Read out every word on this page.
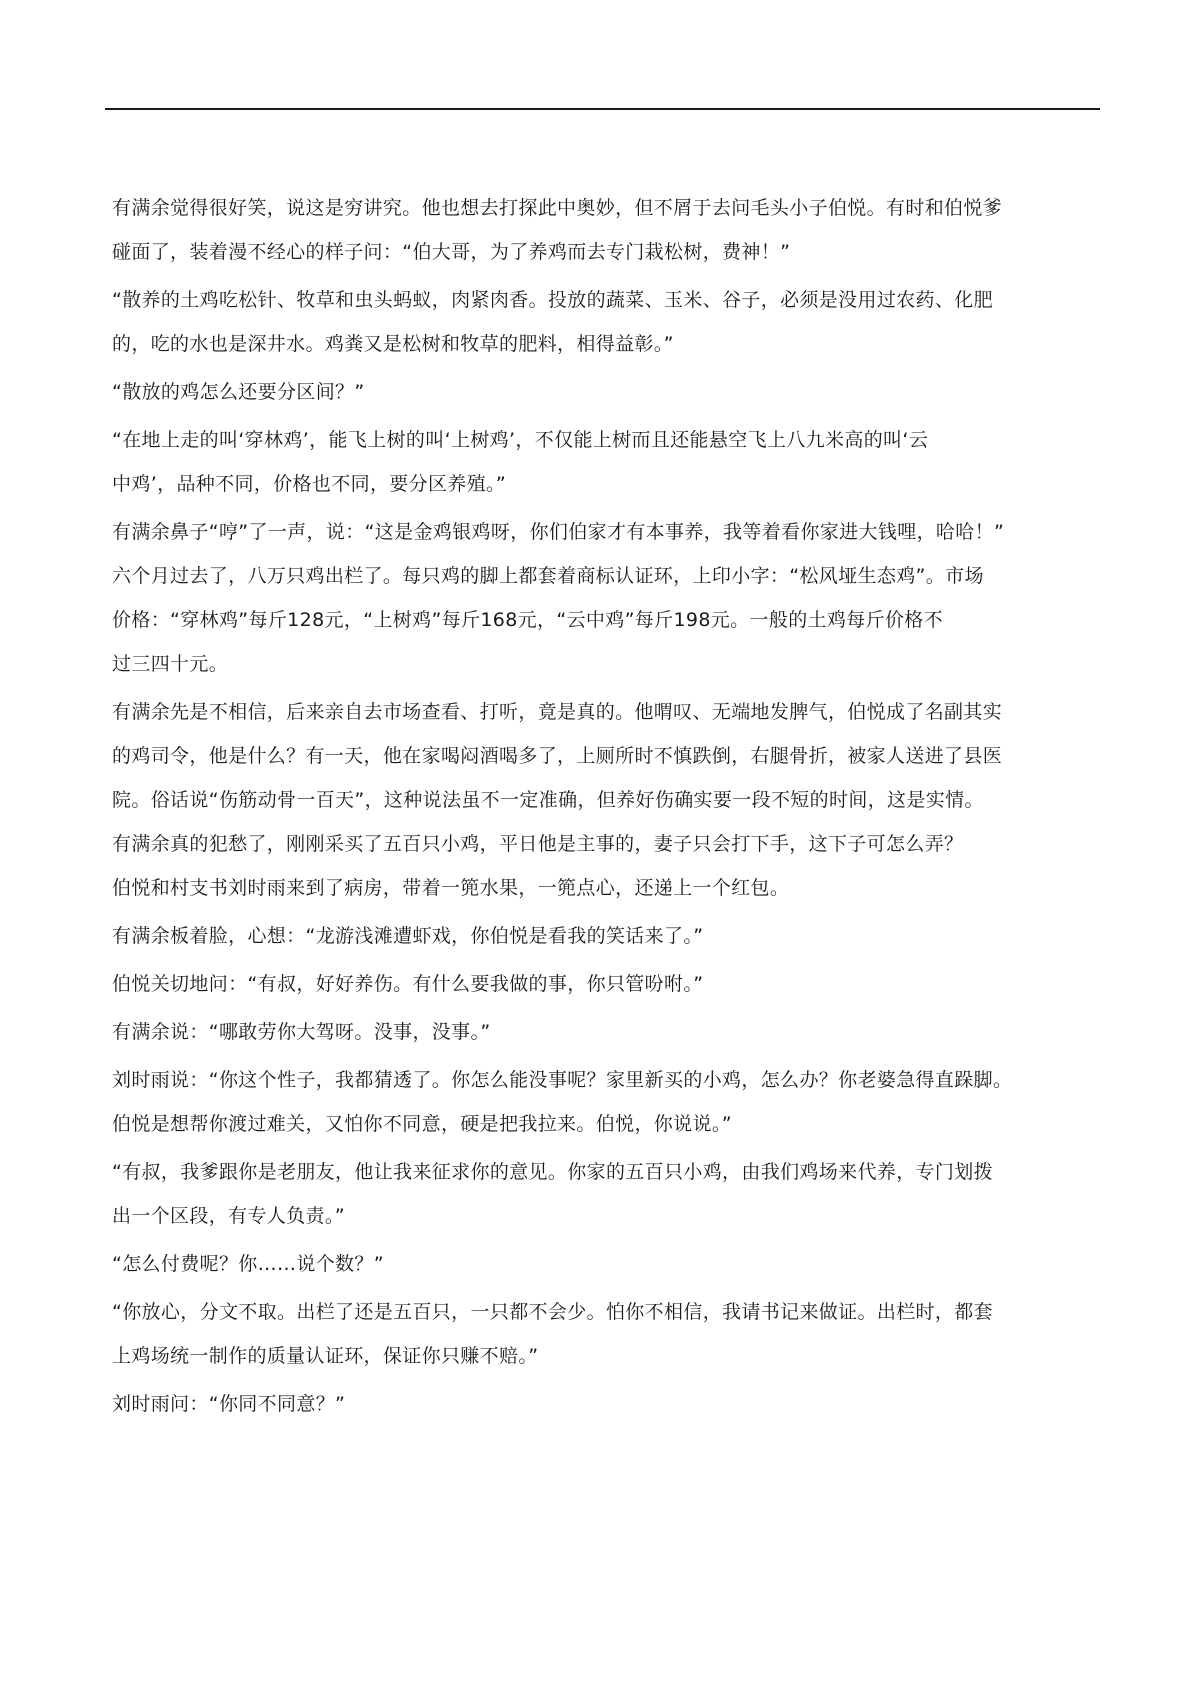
有满余觉得很好笑，说这是穷讲究。他也想去打探此中奥妙，但不屑于去问毛头小子伯悦。有时和伯悦爹
碰面了，装着漫不经心的样子问：“伯大哥，为了养鸡而去专门栽松树，费神！”
“散养的土鸡吃松针、牧草和虫头蚂蚁，肉紧肉香。投放的蔬菜、玉米、谷子，必须是没用过农药、化肥
的，吃的水也是深井水。鸡粪又是松树和牧草的肥料，相得益彰。”
“散放的鸡怎么还要分区间？”
“在地上走的叫‘穿林鸡’，能飞上树的叫‘上树鸡’，不仅能上树而且还能悬空飞上八九米高的叫‘云
中鸡’，品种不同，价格也不同，要分区养殖。”
有满余鼻子“哼”了一声，说：“这是金鸡银鸡呀，你们伯家才有本事养，我等着看你家进大钱哩，哈哈！”
六个月过去了，八万只鸡出栏了。每只鸡的脚上都套着商标认证环，上印小字：“松风垭生态鸡”。市场
价格：“穿林鸡”每斤128元，“上树鸡”每斤168元，“云中鸡”每斤198元。一般的土鸡每斤价格不
过三四十元。
有满余先是不相信，后来亲自去市场查看、打听，竟是真的。他喟叹、无端地发脾气，伯悦成了名副其实
的鸡司令，他是什么？有一天，他在家喝闷酒喝多了，上厕所时不慎跌倒，右腿骨折，被家人送进了县医
院。俗话说“伤筋动骨一百天”，这种说法虽不一定准确，但养好伤确实要一段不短的时间，这是实情。
有满余真的犯愁了，刚刚采买了五百只小鸡，平日他是主事的，妻子只会打下手，这下子可怎么弄？
伯悦和村支书刘时雨来到了病房，带着一篼水果，一篼点心，还递上一个红包。
有满余板着脸，心想：“龙游浅滩遭虾戏，你伯悦是看我的笑话来了。”
伯悦关切地问：“有叔，好好养伤。有什么要我做的事，你只管吩咐。”
有满余说：“哪敢劳你大驾呀。没事，没事。”
刘时雨说：“你这个性子，我都猜透了。你怎么能没事呢？家里新买的小鸡，怎么办？你老婆急得直跺脚。
伯悦是想帮你渡过难关，又怕你不同意，硬是把我拉来。伯悦，你说说。”
“有叔，我爹跟你是老朋友，他让我来征求你的意见。你家的五百只小鸡，由我们鸡场来代养，专门划拨
出一个区段，有专人负责。”
“怎么付费呢？你……说个数？”
“你放心，分文不取。出栏了还是五百只，一只都不会少。怕你不相信，我请书记来做证。出栏时，都套
上鸡场统一制作的质量认证环，保证你只赚不赔。”
刘时雨问：“你同不同意？”
